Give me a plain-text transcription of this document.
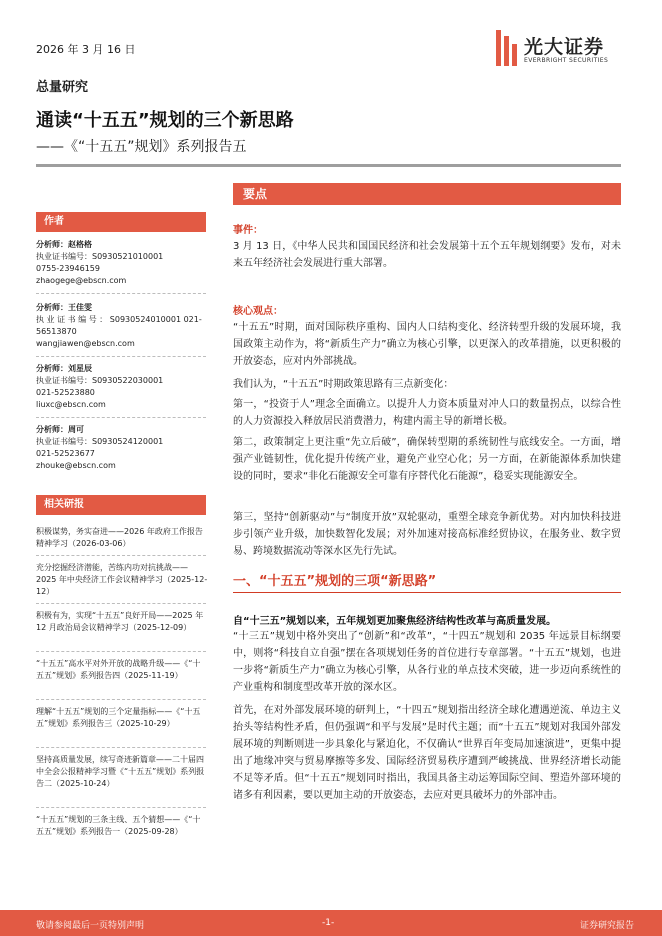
2026 年 3 月 16 日	光大证券
EVERBRIGHT SECURITIES
总量研究
通读“十五五”规划的三个新思路
——《“十五五”规划》系列报告五
作者
分析师：赵格格
执业证书编号：S0930521010001
0755-23946159
zhaogege@ebscn.com
分析师：王佳雯
执 业 证 书 编 号 ： S0930524010001 021-
56513870
wangjiawen@ebscn.com
分析师：刘星辰
执业证书编号：S0930522030001
021-52523880
liuxc@ebscn.com
分析师：周可
执业证书编号：S0930524120001
021-52523677
zhouke@ebscn.com
相关研报
积极谋势，务实奋进——2026 年政府工作报告精神学习（2026-03-06）
充分挖掘经济潜能，苦练内功对抗挑战——2025 年中央经济工作会议精神学习（2025-12-12）
积极有为，实现“十五五”良好开局——2025 年 12 月政治局会议精神学习（2025-12-09）
“十五五”高水平对外开放的战略升级——《“十五五”规划》系列报告四（2025-11-19）
理解“十五五”规划的三个定量指标——《“十五五”规划》系列报告三（2025-10-29）
坚持高质量发展，续写奇迹新篇章——二十届四中全会公报精神学习暨《“十五五”规划》系列报告二（2025-10-24）
“十五五”规划的三条主线、五个猜想——《“十五五”规划》系列报告一（2025-09-28）
要点
事件：
3 月 13 日，《中华人民共和国国民经济和社会发展第十五个五年规划纲要》发布，对未来五年经济社会发展进行重大部署。
核心观点：
“十五五”时期，面对国际秩序重构、国内人口结构变化、经济转型升级的发展环境，我国政策主动作为，将“新质生产力”确立为核心引擎，以更深入的改革措施，以更积极的开放姿态，应对内外部挑战。
我们认为，“十五五”时期政策思路有三点新变化：
第一，“投资于人”理念全面确立。以提升人力资本质量对冲人口的数量拐点，以综合性的人力资源投入释放居民消费潜力，构建内需主导的新增长极。
第二，政策制定上更注重“先立后破”，确保转型期的系统韧性与底线安全。一方面，增强产业链韧性，优化提升传统产业，避免产业空心化；另一方面，在新能源体系加快建设的同时，要求“非化石能源安全可靠有序替代化石能源”，稳妥实现能源安全。
第三，坚持“创新驱动”与“制度开放”双轮驱动，重塑全球竞争新优势。对内加快科技进步引领产业升级，加快数智化发展；对外加速对接高标准经贸协议，在服务业、数字贸易、跨境数据流动等深水区先行先试。
一、“十五五”规划的三项“新思路”
自“十三五”规划以来，五年规划更加聚焦经济结构性改革与高质量发展。
“十三五”规划中格外突出了“创新”和“改革”，“十四五”规划和 2035 年远景目标纲要中，则将“科技自立自强”摆在各项规划任务的首位进行专章部署。“十五五”规划，也进一步将“新质生产力”确立为核心引擎，从各行业的单点技术突破，进一步迈向系统性的产业重构和制度型改革开放的深水区。
首先，在对外部发展环境的研判上，“十四五”规划指出经济全球化遭遇逆流、单边主义抬头等结构性矛盾，但仍强调“和平与发展”是时代主题；而“十五五”规划对我国外部发展环境的判断则进一步具象化与紧迫化，不仅确认“世界百年变局加速演进”，更集中提出了地缘冲突与贸易摩擦等多发、国际经济贸易秩序遭到严峻挑战、世界经济增长动能不足等矛盾。但“十五五”规划同时指出，我国具备主动运筹国际空间、塑造外部环境的诸多有利因素，要以更加主动的开放姿态，去应对更具破坏力的外部冲击。
敬请参阅最后一页特别声明	-1-	证券研究报告
